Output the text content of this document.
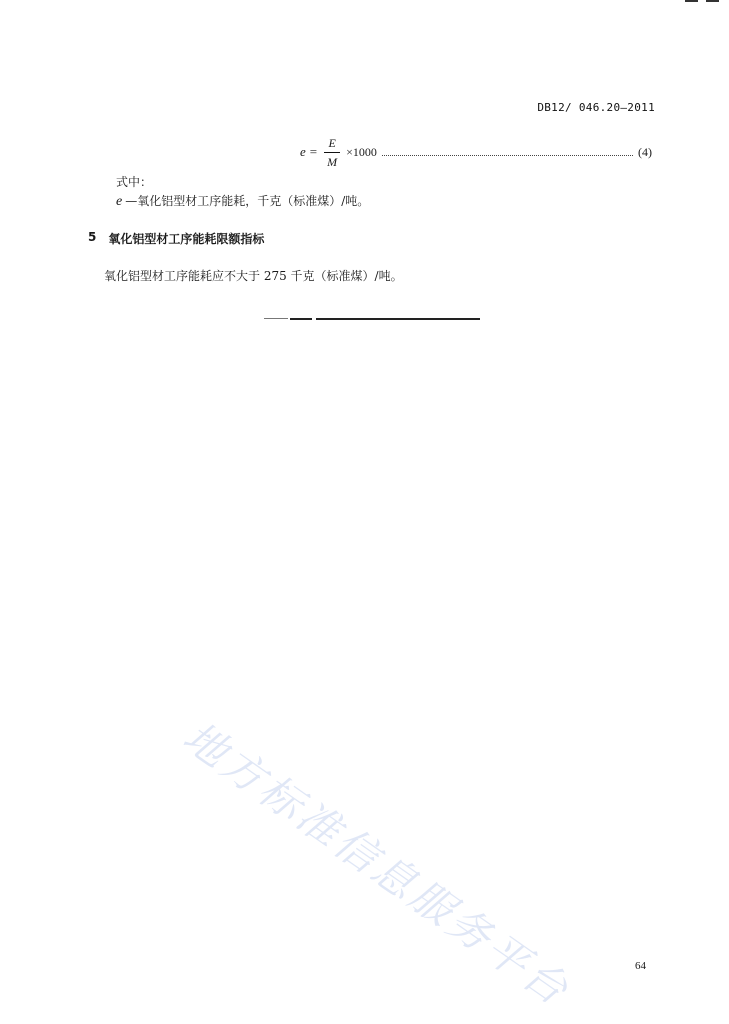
DB12/ 046.20—2011
$e = \frac{E}{M} \times 1000$	(4)
式中：
e —氧化铝型材工序能耗，千克（标准煤）/吨。
5 氧化铝型材工序能耗限额指标
氧化铝型材工序能耗应不大于 275 千克（标准煤）/吨。
地方标准信息服务平台	64
